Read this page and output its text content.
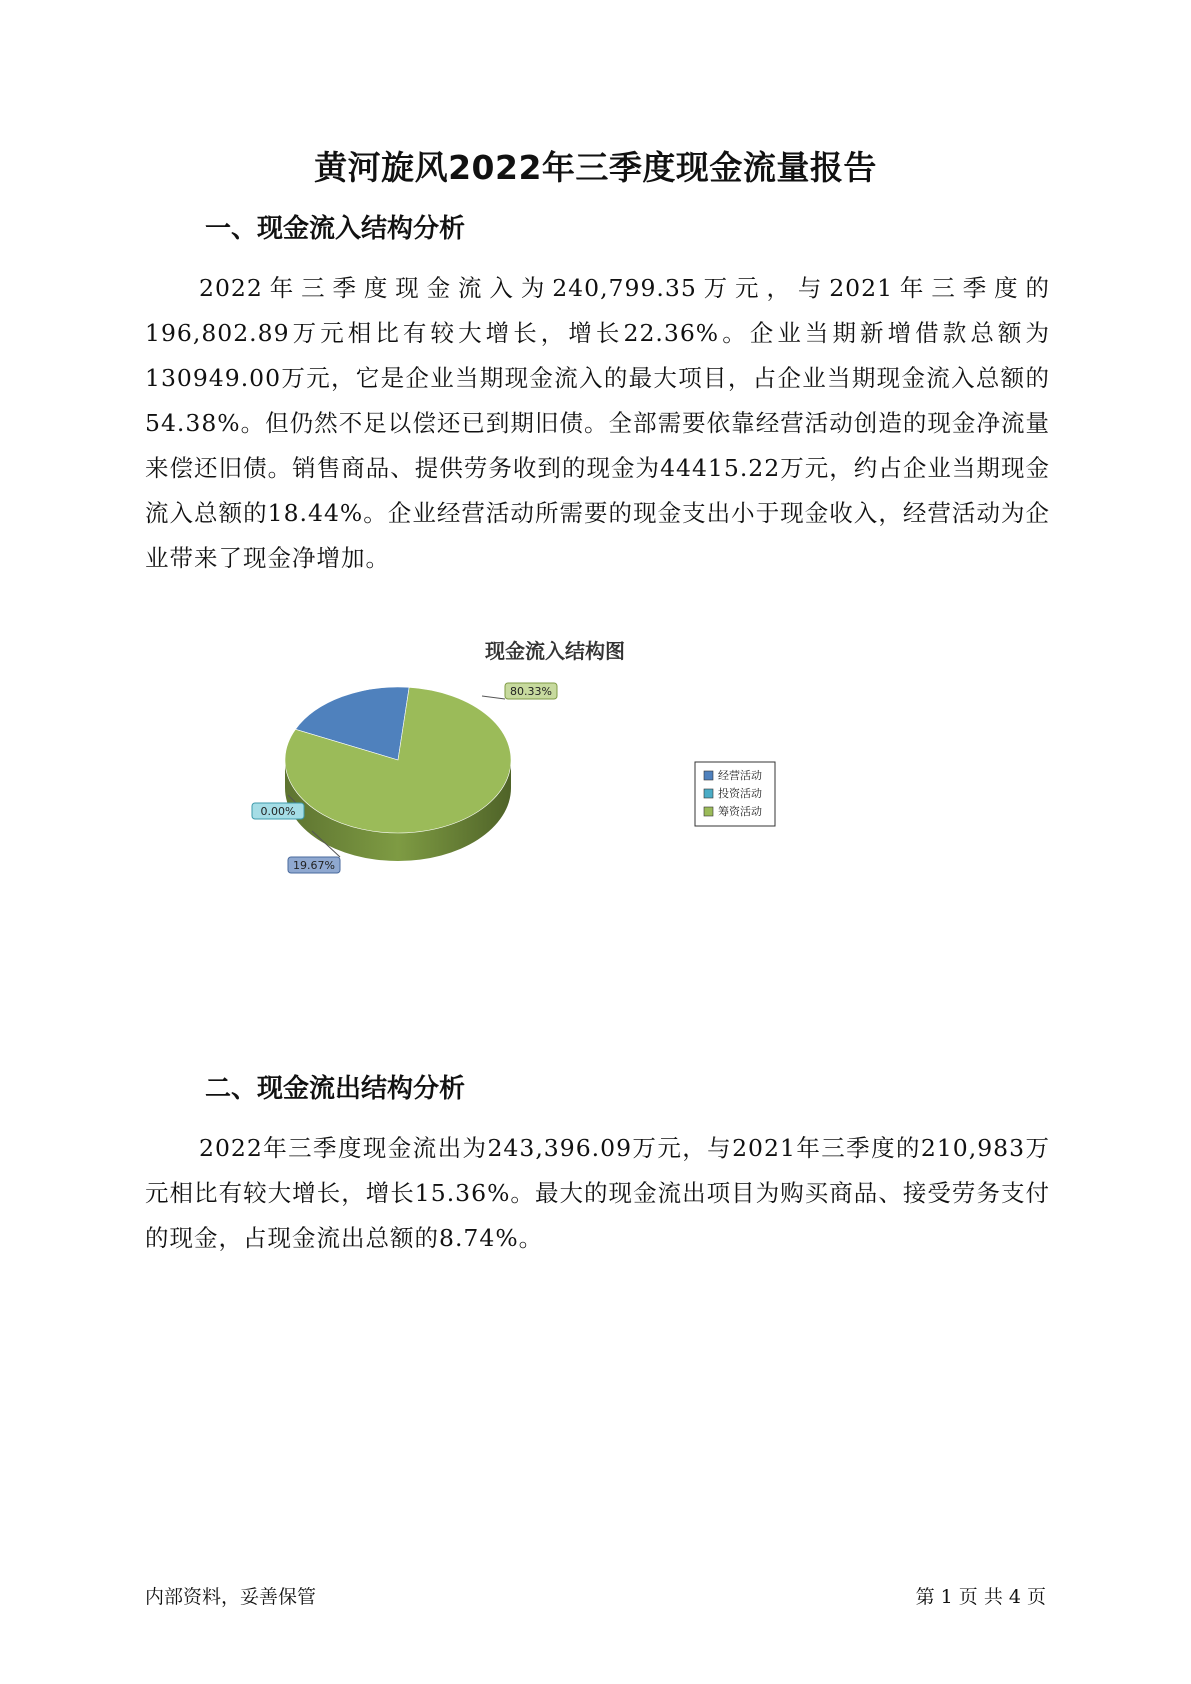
黄河旋风2022年三季度现金流量报告
一、现金流入结构分析

2022年三季度现金流入为240,799.35万元，与2021年三季度的196,802.89万元相比有较大增长，增长22.36%。企业当期新增借款总额为130949.00万元，它是企业当期现金流入的最大项目，占企业当期现金流入总额的54.38%。但仍然不足以偿还已到期旧债。全部需要依靠经营活动创造的现金净流量来偿还旧债。销售商品、提供劳务收到的现金为44415.22万元，约占企业当期现金流入总额的18.44%。企业经营活动所需要的现金支出小于现金收入，经营活动为企业带来了现金净增加。

现金流入结构图
19.67%
0.00%
80.33%
经营活动
投资活动
筹资活动
二、现金流出结构分析

2022年三季度现金流出为243,396.09万元，与2021年三季度的210,983万元相比有较大增长，增长15.36%。最大的现金流出项目为购买商品、接受劳务支付的现金，占现金流出总额的8.74%。

内部资料，妥善保管	第 1 页 共 4 页
